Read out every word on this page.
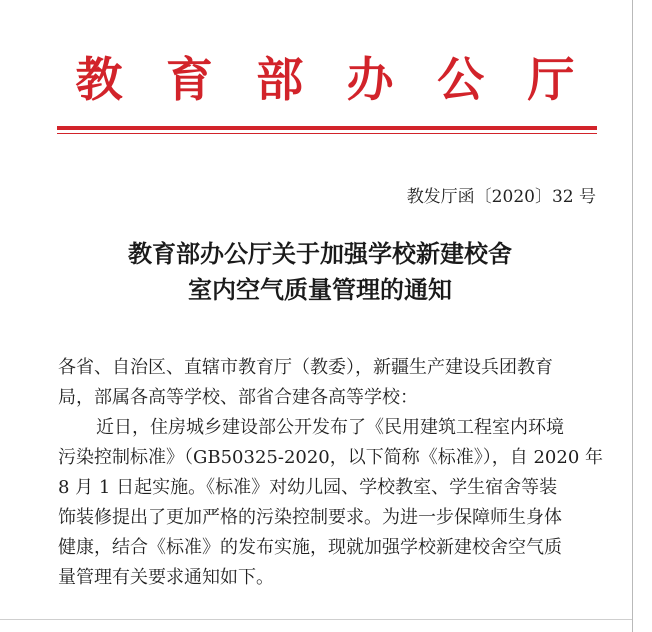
教 育 部 办 公 厅
教发厅函〔2020〕32 号
教育部办公厅关于加强学校新建校舍
室内空气质量管理的通知
各省、自治区、直辖市教育厅（教委），新疆生产建设兵团教育
局，部属各高等学校、部省合建各高等学校：
近日，住房城乡建设部公开发布了《民用建筑工程室内环境
污染控制标准》（GB50325-2020，以下简称《标准》），自 2020 年
8 月 1 日起实施。《标准》对幼儿园、学校教室、学生宿舍等装
饰装修提出了更加严格的污染控制要求。为进一步保障师生身体
健康，结合《标准》的发布实施，现就加强学校新建校舍空气质
量管理有关要求通知如下。
